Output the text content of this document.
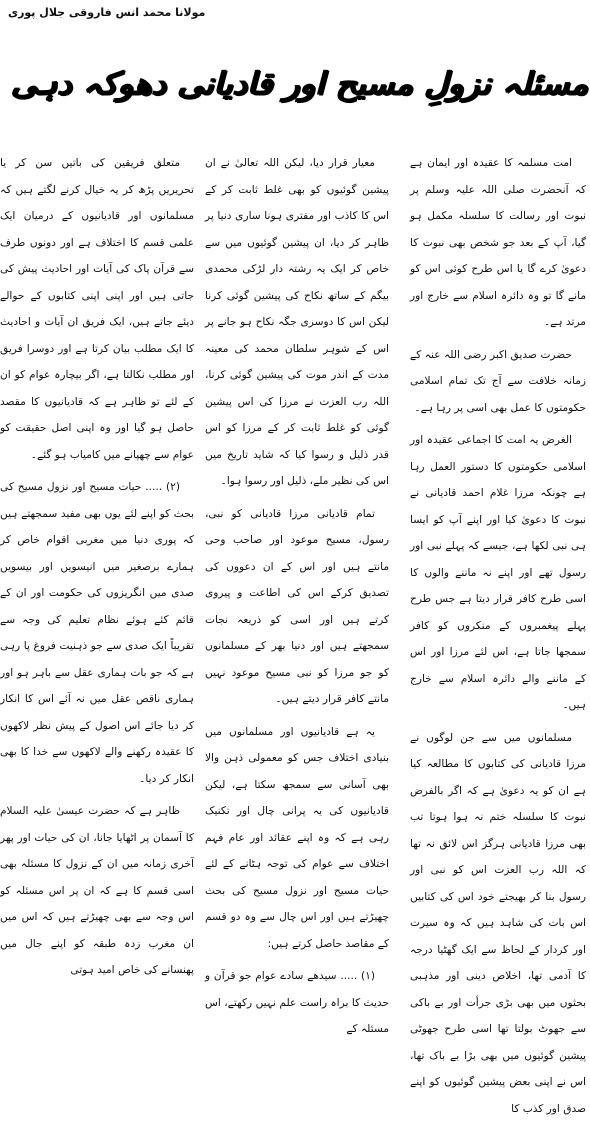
مولانا محمد انس فاروقی جلال پوری
مسئلہ نزولِ مسیح اور قادیانی دھوکہ دہی

امت مسلمہ کا عقیدہ اور ایمان ہے کہ آنحضرت صلی اللہ علیہ وسلم پر نبوت اور رسالت کا سلسلہ مکمل ہو گیا، آپ کے بعد جو شخص بھی نبوت کا دعویٰ کرے گا یا اس طرح کوئی اس کو مانے گا تو وہ دائرہ اسلام سے خارج اور مرتد ہے۔

حضرت صدیق اکبر رضی اللہ عنہ کے زمانہ خلافت سے آج تک تمام اسلامی حکومتوں کا عمل بھی اسی پر رہا ہے۔

الغرض یہ امت کا اجماعی عقیدہ اور اسلامی حکومتوں کا دستور العمل رہا ہے چونکہ مرزا غلام احمد قادیانی نے نبوت کا دعویٰ کیا اور اپنے آپ کو ایسا ہی نبی لکھا ہے، جیسے کہ پہلے نبی اور رسول تھے اور اپنے نہ ماننے والوں کا اسی طرح کافر قرار دیتا ہے جس طرح پہلے پیغمبروں کے منکروں کو کافر سمجھا جاتا ہے، اس لئے مرزا اور اس کے ماننے والے دائرہ اسلام سے خارج ہیں۔

مسلمانوں میں سے جن لوگوں نے مرزا قادیانی کی کتابوں کا مطالعہ کیا ہے ان کو یہ دعویٰ ہے کہ اگر بالفرض نبوت کا سلسلہ ختم نہ ہوا ہوتا تب بھی مرزا قادیانی ہرگز اس لائق نہ تھا کہ اللہ رب العزت اس کو نبی اور رسول بنا کر بھیجتے خود اس کی کتابیں اس بات کی شاہد ہیں کہ وہ سیرت اور کردار کے لحاظ سے ایک گھٹیا درجہ کا آدمی تھا، اخلاص دینی اور مذہبی بحثوں میں بھی بڑی جرأت اور بے باکی سے جھوٹ بولتا تھا اسی طرح جھوٹی پیشین گوئیوں میں بھی بڑا بے باک تھا، اس نے اپنی بعض پیشین گوئیوں کو اپنے صدق اور کذب کا

معیار قرار دیا، لیکن اللہ تعالیٰ نے ان پیشین گوئیوں کو بھی غلط ثابت کر کے اس کا کاذب اور مفتری ہونا ساری دنیا پر ظاہر کر دیا، ان پیشین گوئیوں میں سے خاص کر ایک یہ رشتہ دار لڑکی محمدی بیگم کے ساتھ نکاح کی پیشین گوئی کرنا لیکن اس کا دوسری جگہ نکاح ہو جانے پر اس کے شوہر سلطان محمد کی معینہ مدت کے اندر موت کی پیشین گوئی کرنا، اللہ رب العزت نے مرزا کی اس پیشین گوئی کو غلط ثابت کر کے مرزا کو اس قدر ذلیل و رسوا کیا کہ شاید تاریخ میں اس کی نظیر ملے، ذلیل اور رسوا ہوا۔

تمام قادیانی مرزا قادیانی کو نبی، رسول، مسیح موعود اور صاحب وحی مانتے ہیں اور اس کے ان دعووں کی تصدیق کرکے اس کی اطاعت و پیروی کرتے ہیں اور اسی کو ذریعہ نجات سمجھتے ہیں اور دنیا بھر کے مسلمانوں کو جو مرزا کو نبی مسیح موعود نہیں مانتے کافر قرار دیتے ہیں۔

یہ ہے قادیانیوں اور مسلمانوں میں بنیادی اختلاف جس کو معمولی ذہن والا بھی آسانی سے سمجھ سکتا ہے، لیکن قادیانیوں کی یہ پرانی چال اور تکنیک رہی ہے کہ وہ اپنے عقائد اور عام فہم اختلاف سے عوام کی توجہ ہٹانے کے لئے حیات مسیح اور نزول مسیح کی بحث چھیڑتے ہیں اور اس چال سے وہ دو قسم کے مقاصد حاصل کرتے ہیں:

(۱) ..... سیدھے سادے عوام جو قرآن و حدیث کا براہ راست علم نہیں رکھتے، اس مسئلہ کے

متعلق فریقین کی باتیں سن کر یا تحریریں پڑھ کر یہ خیال کرنے لگتے ہیں کہ مسلمانوں اور قادیانیوں کے درمیان ایک علمی قسم کا اختلاف ہے اور دونوں طرف سے قرآن پاک کی آیات اور احادیث پیش کی جاتی ہیں اور اپنی اپنی کتابوں کے حوالے دیئے جاتے ہیں، ایک فریق ان آیات و احادیث کا ایک مطلب بیان کرتا ہے اور دوسرا فریق اور مطلب نکالتا ہے، اگر بیچارہ عوام کو ان کے لئے تو ظاہر ہے کہ قادیانیوں کا مقصد حاصل ہو گیا اور وہ اپنی اصل حقیقت کو عوام سے چھپانے میں کامیاب ہو گئے۔

(۲) ..... حیات مسیح اور نزول مسیح کی بحث کو اپنے لئے یوں بھی مفید سمجھتے ہیں کہ پوری دنیا میں مغربی اقوام خاص کر ہمارے برصغیر میں انیسویں اور بیسویں صدی میں انگریزوں کی حکومت اور ان کے قائم کئے ہوئے نظام تعلیم کی وجہ سے تقریباً ایک صدی سے جو ذہنیت فروغ پا رہی ہے کہ جو بات ہماری عقل سے باہر ہو اور ہماری ناقص عقل میں نہ آئے اس کا انکار کر دیا جائے اس اصول کے پیش نظر لاکھوں کا عقیدہ رکھنے والے لاکھوں سے خدا کا بھی انکار کر دیا۔

ظاہر ہے کہ حضرت عیسیٰ علیہ السلام کا آسمان پر اٹھایا جانا، ان کی حیات اور پھر آخری زمانہ میں ان کے نزول کا مسئلہ بھی اسی قسم کا ہے کہ ان پر اس مسئلہ کو اس وجہ سے بھی چھیڑتے ہیں کہ اس میں ان مغرب زدہ طبقہ کو اپنے جال میں پھنسانے کی خاص امید ہوتی
